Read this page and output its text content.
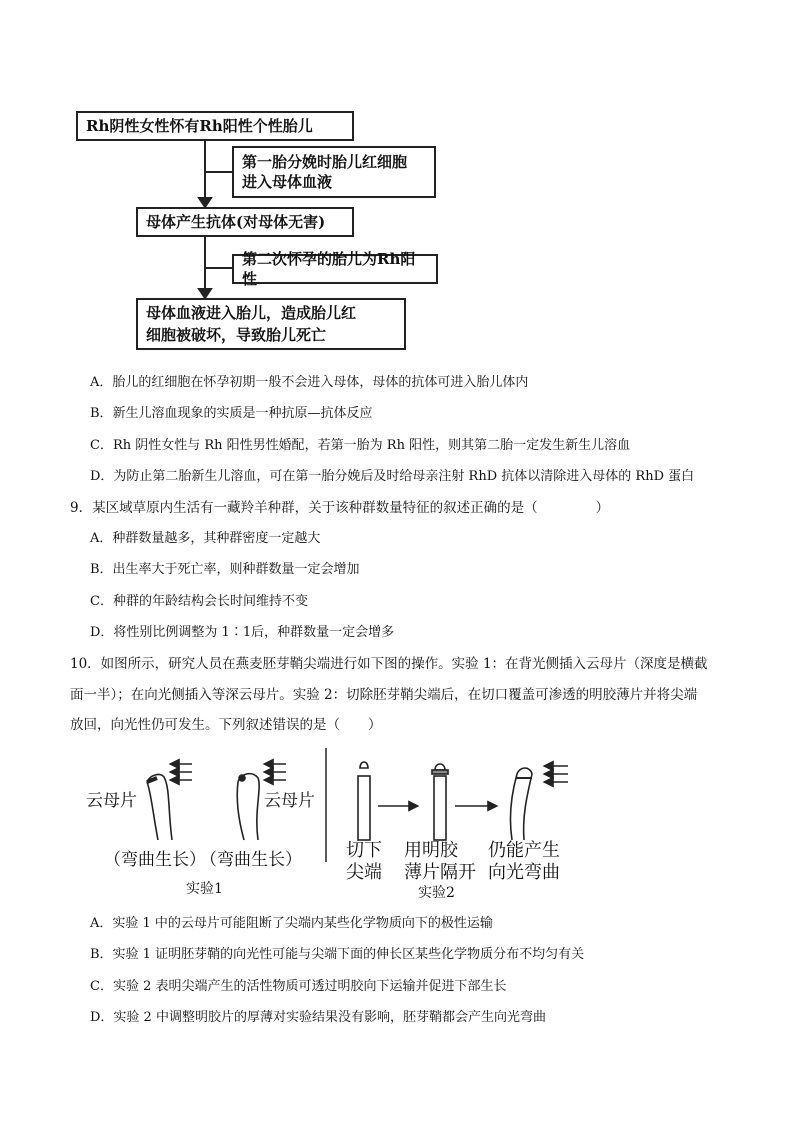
Rh阴性女性怀有Rh阳性个性胎儿
第一胎分娩时胎儿红细胞
进入母体血液
母体产生抗体(对母体无害)
第二次怀孕的胎儿为Rh阳性
母体血液进入胎儿，造成胎儿红
细胞被破坏，导致胎儿死亡
A．胎儿的红细胞在怀孕初期一般不会进入母体，母体的抗体可进入胎儿体内
B．新生儿溶血现象的实质是一种抗原—抗体反应
C．Rh 阴性女性与 Rh 阳性男性婚配，若第一胎为 Rh 阳性，则其第二胎一定发生新生儿溶血
D．为防止第二胎新生儿溶血，可在第一胎分娩后及时给母亲注射 RhD 抗体以清除进入母体的 RhD 蛋白
9．某区域草原内生活有一藏羚羊种群，关于该种群数量特征的叙述正确的是（	）
A．种群数量越多，其种群密度一定越大
B．出生率大于死亡率，则种群数量一定会增加
C．种群的年龄结构会长时间维持不变
D．将性别比例调整为 1∶1后，种群数量一定会增多
10．如图所示，研究人员在燕麦胚芽鞘尖端进行如下图的操作。实验 1：在背光侧插入云母片（深度是横截
面一半）；在向光侧插入等深云母片。实验 2：切除胚芽鞘尖端后，在切口覆盖可渗透的明胶薄片并将尖端
放回，向光性仍可发生。下列叙述错误的是（ ）
云母片	云母片
（弯曲生长）
（弯曲生长）
实验1
切下
尖端
用明胶
薄片隔开
仍能产生
向光弯曲
实验2
A．实验 1 中的云母片可能阻断了尖端内某些化学物质向下的极性运输
B．实验 1 证明胚芽鞘的向光性可能与尖端下面的伸长区某些化学物质分布不均匀有关
C．实验 2 表明尖端产生的活性物质可透过明胶向下运输并促进下部生长
D．实验 2 中调整明胶片的厚薄对实验结果没有影响，胚芽鞘都会产生向光弯曲
